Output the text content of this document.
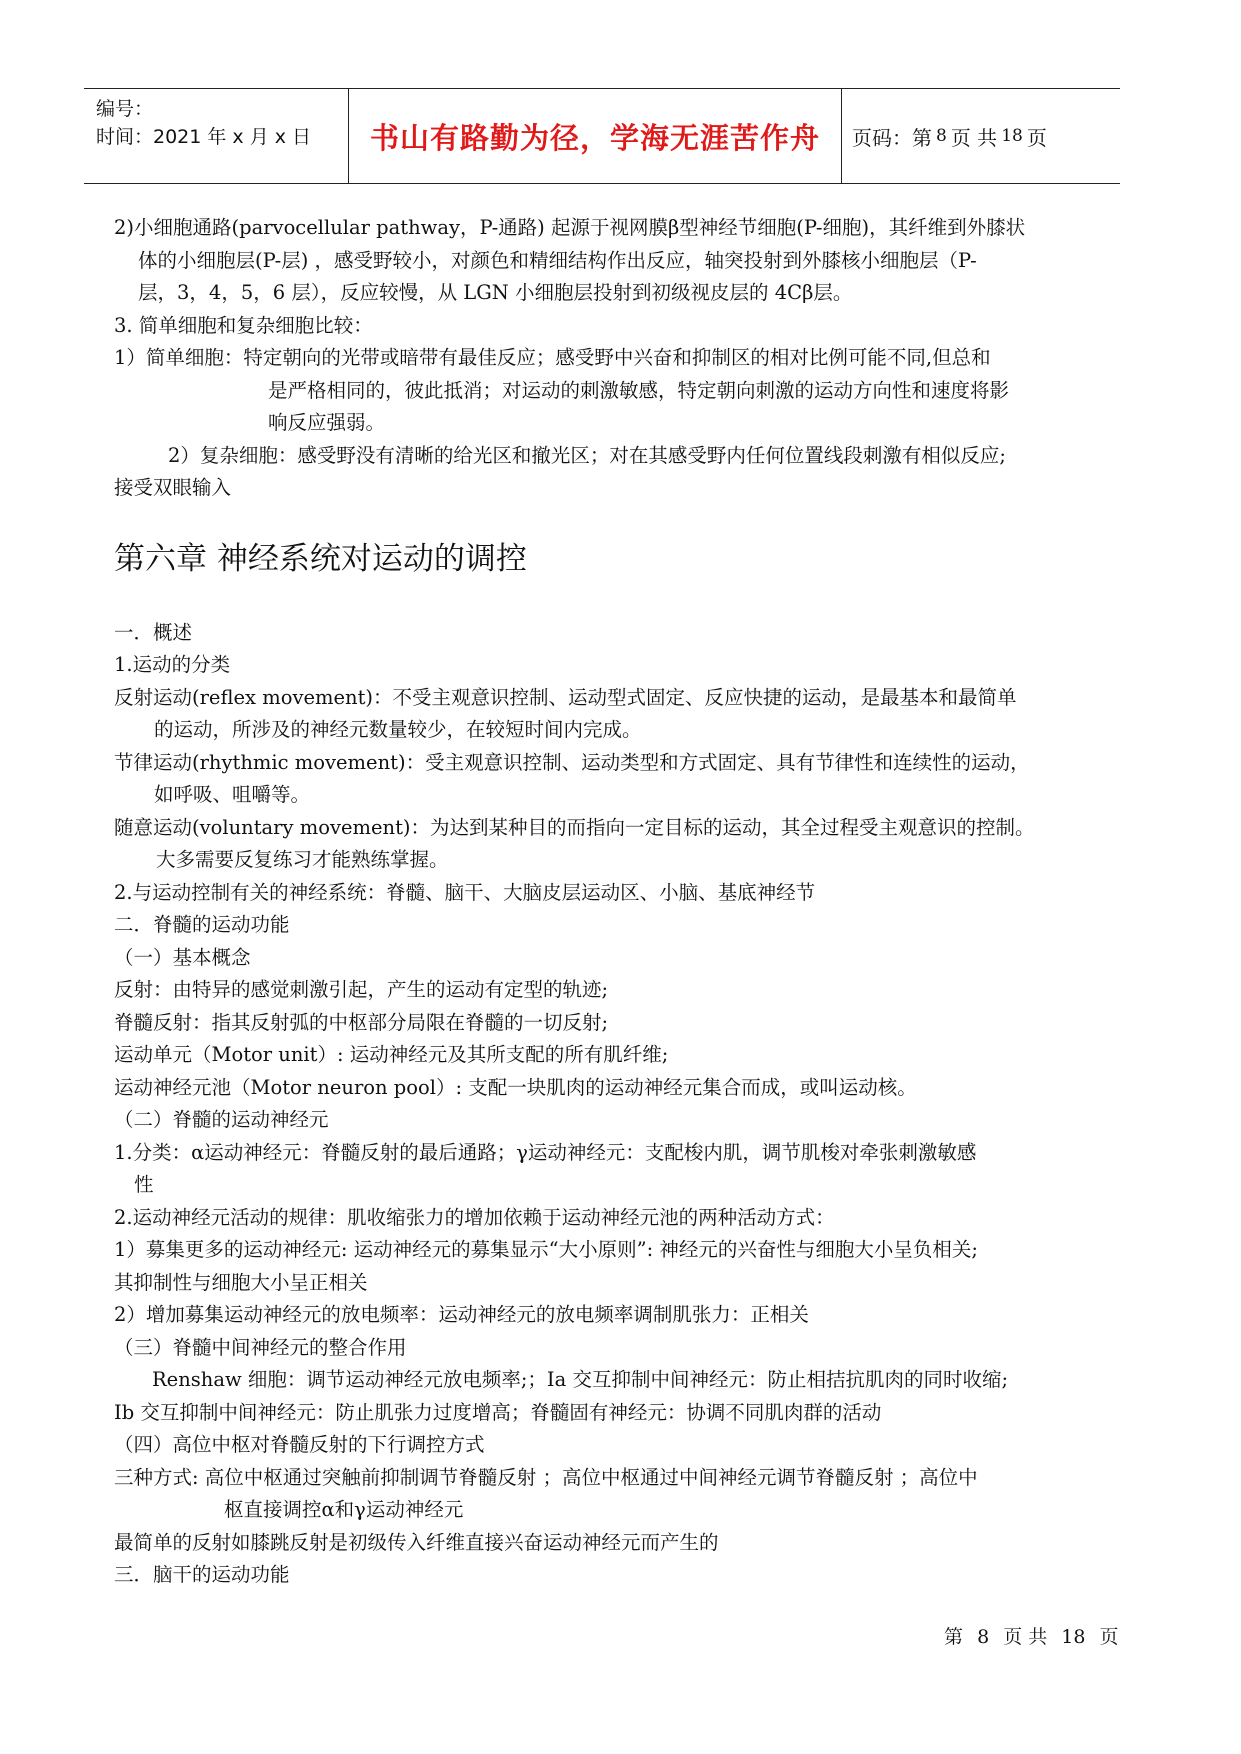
编号：
时间：2021 年 x 月 x 日	书山有路勤为径，学海无涯苦作舟	页码：第 8 页 共 18 页
2)小细胞通路(parvocellular pathway，P-通路) 起源于视网膜β型神经节细胞(P-细胞)，其纤维到外膝状
体的小细胞层(P-层) ，感受野较小，对颜色和精细结构作出反应，轴突投射到外膝核小细胞层（P-
层，3，4，5，6 层），反应较慢，从 LGN 小细胞层投射到初级视皮层的 4Cβ层。
3. 简单细胞和复杂细胞比较：
1）简单细胞：特定朝向的光带或暗带有最佳反应；感受野中兴奋和抑制区的相对比例可能不同,但总和
是严格相同的，彼此抵消；对运动的刺激敏感，特定朝向刺激的运动方向性和速度将影
响反应强弱。
2）复杂细胞：感受野没有清晰的给光区和撤光区；对在其感受野内任何位置线段刺激有相似反应;
接受双眼输入
第六章 神经系统对运动的调控
一．概述
1.运动的分类
反射运动(reflex movement)：不受主观意识控制、运动型式固定、反应快捷的运动，是最基本和最简单
的运动，所涉及的神经元数量较少，在较短时间内完成。
节律运动(rhythmic movement)：受主观意识控制、运动类型和方式固定、具有节律性和连续性的运动，
如呼吸、咀嚼等。
随意运动(voluntary movement)：为达到某种目的而指向一定目标的运动，其全过程受主观意识的控制。
大多需要反复练习才能熟练掌握。
2.与运动控制有关的神经系统：脊髓、脑干、大脑皮层运动区、小脑、基底神经节
二．脊髓的运动功能
（一）基本概念
反射：由特异的感觉刺激引起，产生的运动有定型的轨迹;
脊髓反射：指其反射弧的中枢部分局限在脊髓的一切反射;
运动单元（Motor unit）: 运动神经元及其所支配的所有肌纤维;
运动神经元池（Motor neuron pool）: 支配一块肌肉的运动神经元集合而成，或叫运动核。
（二）脊髓的运动神经元
1.分类：α运动神经元：脊髓反射的最后通路；γ运动神经元：支配梭内肌，调节肌梭对牵张刺激敏感
性
2.运动神经元活动的规律：肌收缩张力的增加依赖于运动神经元池的两种活动方式：
1）募集更多的运动神经元: 运动神经元的募集显示“大小原则”: 神经元的兴奋性与细胞大小呈负相关;
其抑制性与细胞大小呈正相关
2）增加募集运动神经元的放电频率：运动神经元的放电频率调制肌张力：正相关
（三）脊髓中间神经元的整合作用
Renshaw 细胞：调节运动神经元放电频率;；Ia 交互抑制中间神经元：防止相拮抗肌肉的同时收缩;
Ib 交互抑制中间神经元：防止肌张力过度增高；脊髓固有神经元：协调不同肌肉群的活动
（四）高位中枢对脊髓反射的下行调控方式
三种方式: 高位中枢通过突触前抑制调节脊髓反射 ；高位中枢通过中间神经元调节脊髓反射 ；高位中
枢直接调控α和γ运动神经元
最简单的反射如膝跳反射是初级传入纤维直接兴奋运动神经元而产生的
三．脑干的运动功能
第 8 页 共 18 页
